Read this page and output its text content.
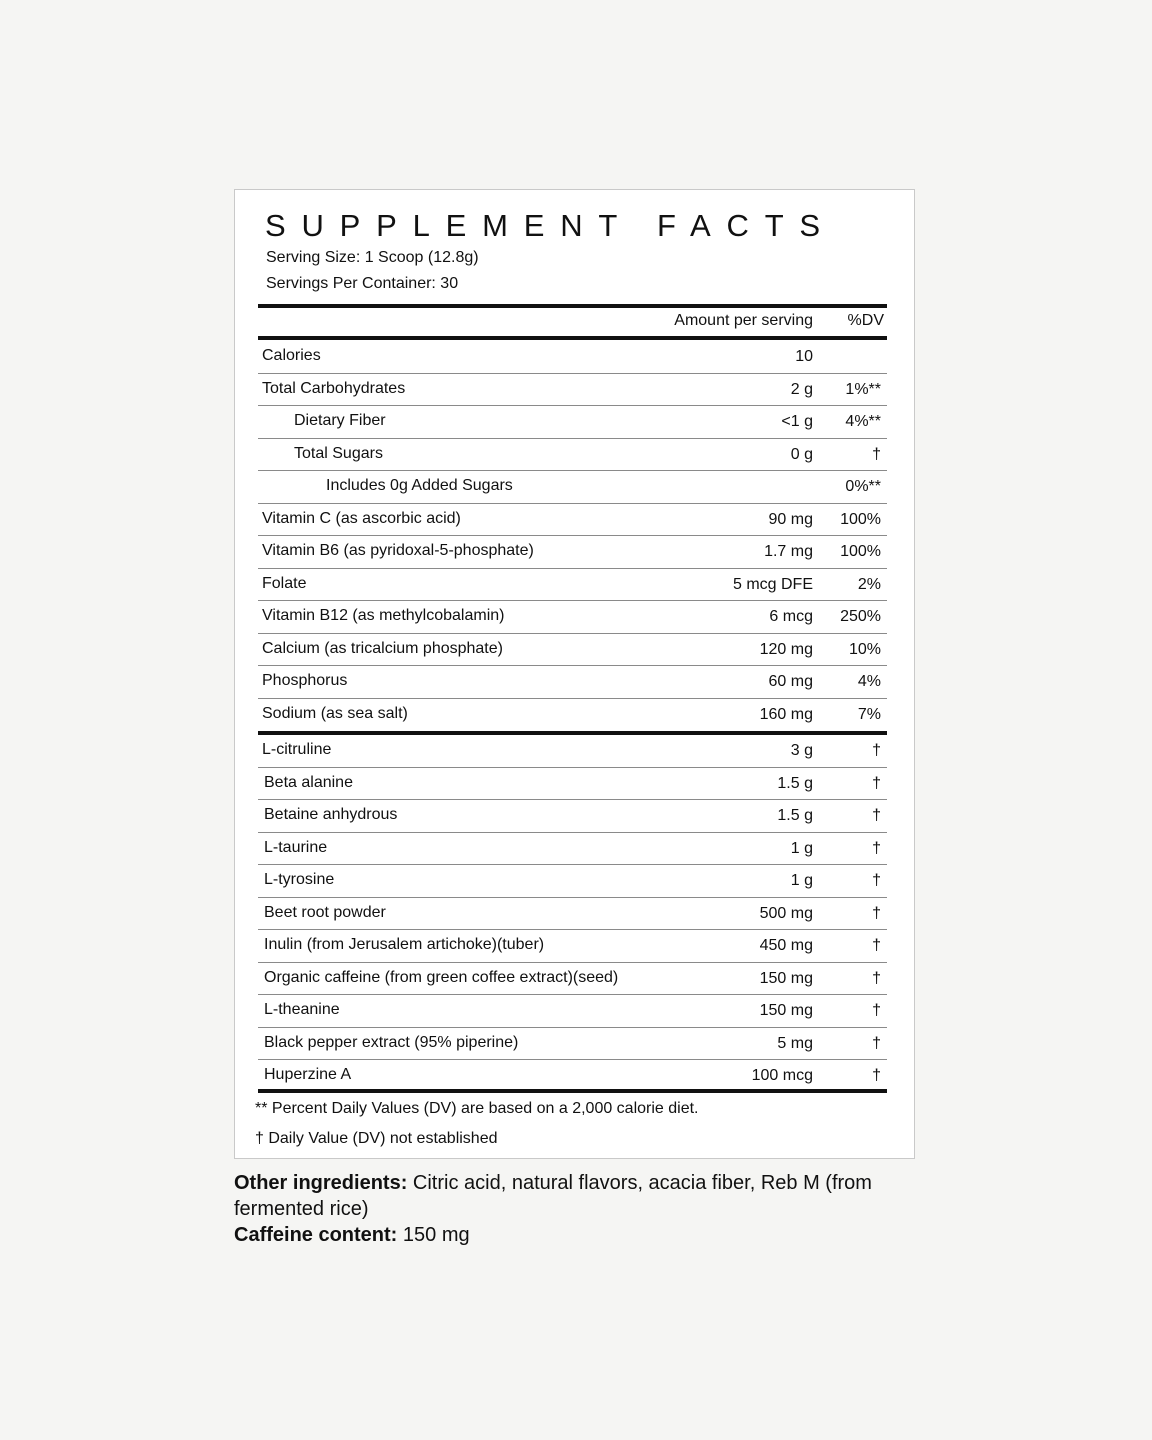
SUPPLEMENT FACTS
Serving Size: 1 Scoop (12.8g)
Servings Per Container: 30
Amount per serving %DV
Calories	10
Total Carbohydrates	2 g 1%**
Dietary Fiber	<1 g 4%**
Total Sugars	0 g	†
Includes 0g Added Sugars	0%**
Vitamin C (as ascorbic acid)	90 mg 100%
Vitamin B6 (as pyridoxal-5-phosphate)	1.7 mg 100%
Folate	5 mcg DFE	2%
Vitamin B12 (as methylcobalamin)	6 mcg 250%
Calcium (as tricalcium phosphate)	120 mg 10%
Phosphorus	60 mg	4%
Sodium (as sea salt)	160 mg	7%
L-citruline	3 g	†
Beta alanine	1.5 g	†
Betaine anhydrous	1.5 g	†
L-taurine	1 g	†
L-tyrosine	1 g	†
Beet root powder	500 mg	†
Inulin (from Jerusalem artichoke)(tuber)	450 mg	†
Organic caffeine (from green coffee extract)(seed)	150 mg	†
L-theanine	150 mg	†
Black pepper extract (95% piperine)	5 mg	†
Huperzine A	100 mcg	†
** Percent Daily Values (DV) are based on a 2,000 calorie diet.
† Daily Value (DV) not established

Other ingredients: Citric acid, natural flavors, acacia fiber, Reb M (from fermented rice)

Caffeine content: 150 mg
